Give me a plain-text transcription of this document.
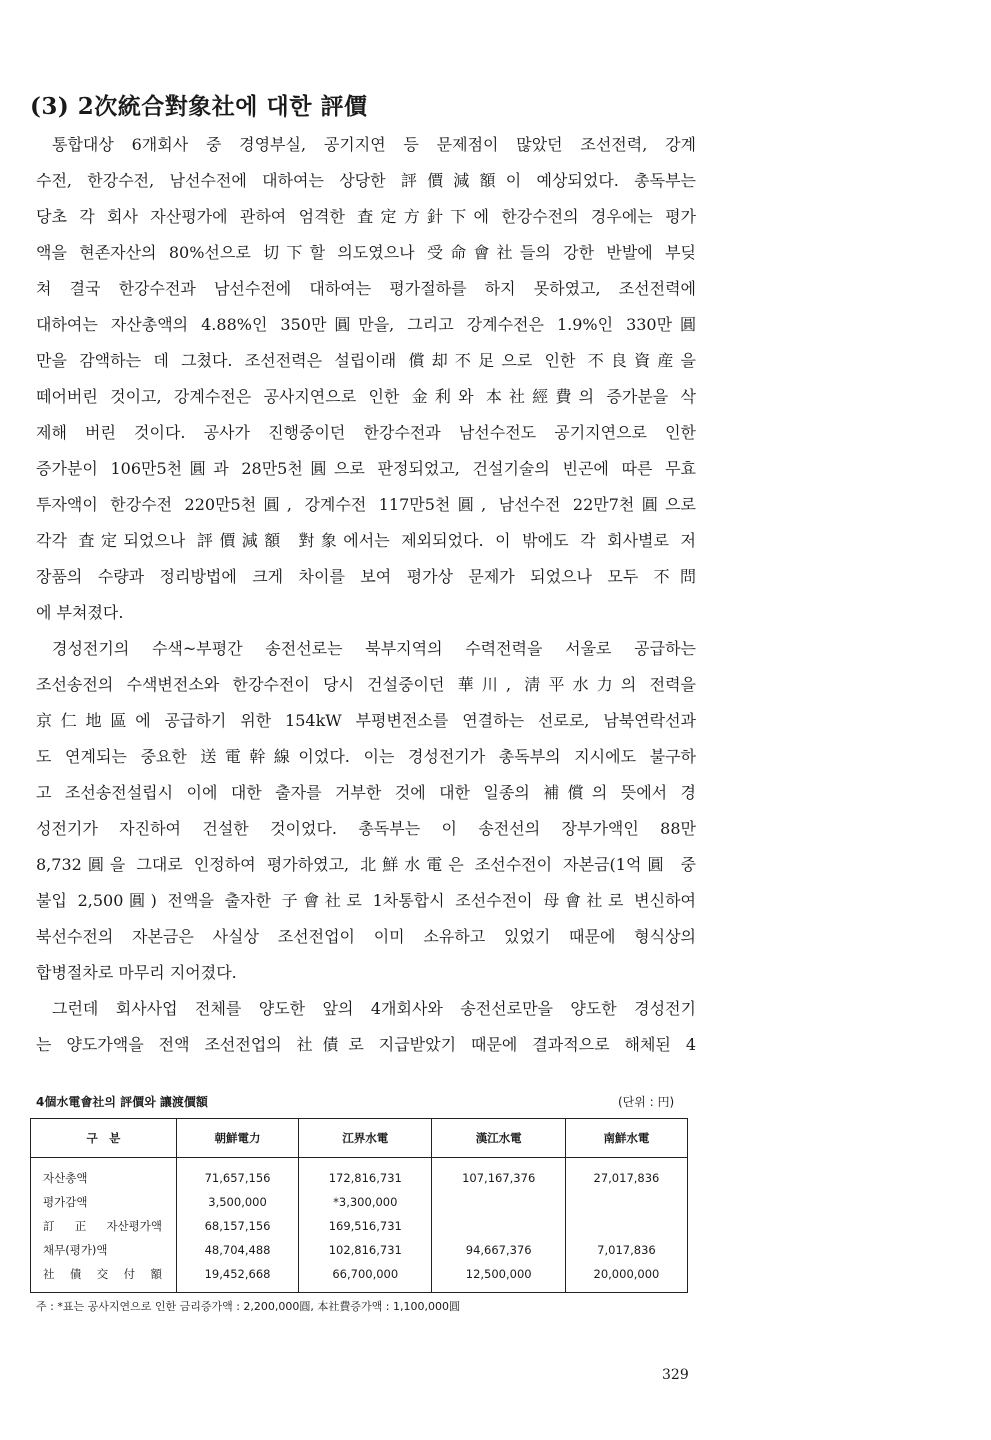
(3) 2次統合對象社에 대한 評價
통합대상 6개회사 중 경영부실, 공기지연 등 문제점이 많았던 조선전력, 강계
수전, 한강수전, 남선수전에 대하여는 상당한 評價減額이 예상되었다. 총독부는
당초 각 회사 자산평가에 관하여 엄격한 査定方針下에 한강수전의 경우에는 평가
액을 현존자산의 80%선으로 切下할 의도였으나 受命會社들의 강한 반발에 부딪
쳐 결국 한강수전과 남선수전에 대하여는 평가절하를 하지 못하였고, 조선전력에
대하여는 자산총액의 4.88%인 350만圓만을, 그리고 강계수전은 1.9%인 330만圓
만을 감액하는 데 그쳤다. 조선전력은 설립이래 償却不足으로 인한 不良資産을
떼어버린 것이고, 강계수전은 공사지연으로 인한 金利와 本社經費의 증가분을 삭
제해 버린 것이다. 공사가 진행중이던 한강수전과 남선수전도 공기지연으로 인한
증가분이 106만5천圓과 28만5천圓으로 판정되었고, 건설기술의 빈곤에 따른 무효
투자액이 한강수전 220만5천圓, 강계수전 117만5천圓, 남선수전 22만7천圓으로
각각 査定되었으나 評價減額 對象에서는 제외되었다. 이 밖에도 각 회사별로 저
장품의 수량과 정리방법에 크게 차이를 보여 평가상 문제가 되었으나 모두 不問
에 부쳐졌다.
경성전기의 수색~부평간 송전선로는 북부지역의 수력전력을 서울로 공급하는
조선송전의 수색변전소와 한강수전이 당시 건설중이던 華川, 淸平水力의 전력을
京仁地區에 공급하기 위한 154kW 부평변전소를 연결하는 선로로, 남북연락선과
도 연계되는 중요한 送電幹線이었다. 이는 경성전기가 총독부의 지시에도 불구하
고 조선송전설립시 이에 대한 출자를 거부한 것에 대한 일종의 補償의 뜻에서 경
성전기가 자진하여 건설한 것이었다. 총독부는 이 송전선의 장부가액인 88만
8,732圓을 그대로 인정하여 평가하였고, 北鮮水電은 조선수전이 자본금(1억圓 중
불입 2,500圓) 전액을 출자한 子會社로 1차통합시 조선수전이 母會社로 변신하여
북선수전의 자본금은 사실상 조선전업이 이미 소유하고 있었기 때문에 형식상의
합병절차로 마무리 지어졌다.
그런데 회사사업 전체를 양도한 앞의 4개회사와 송전선로만을 양도한 경성전기
는 양도가액을 전액 조선전업의 社債로 지급받았기 때문에 결과적으로 해체된 4
4個水電會社의 評價와 讓渡價額	(단위 : 円)
구　분	朝鮮電力	江界水電	漢江水電	南鮮水電
자산총액	71,657,156	172,816,731	107,167,376	27,017,836
평가감액	3,500,000	*3,300,000		
訂正자산평가액	68,157,156	169,516,731		
채무(평가)액	48,704,488	102,816,731	94,667,376	7,017,836
社債交付額	19,452,668	66,700,000	12,500,000	20,000,000
주 : *표는 공사지연으로 인한 금리증가액 : 2,200,000圓, 本社費증가액 : 1,100,000圓
329
